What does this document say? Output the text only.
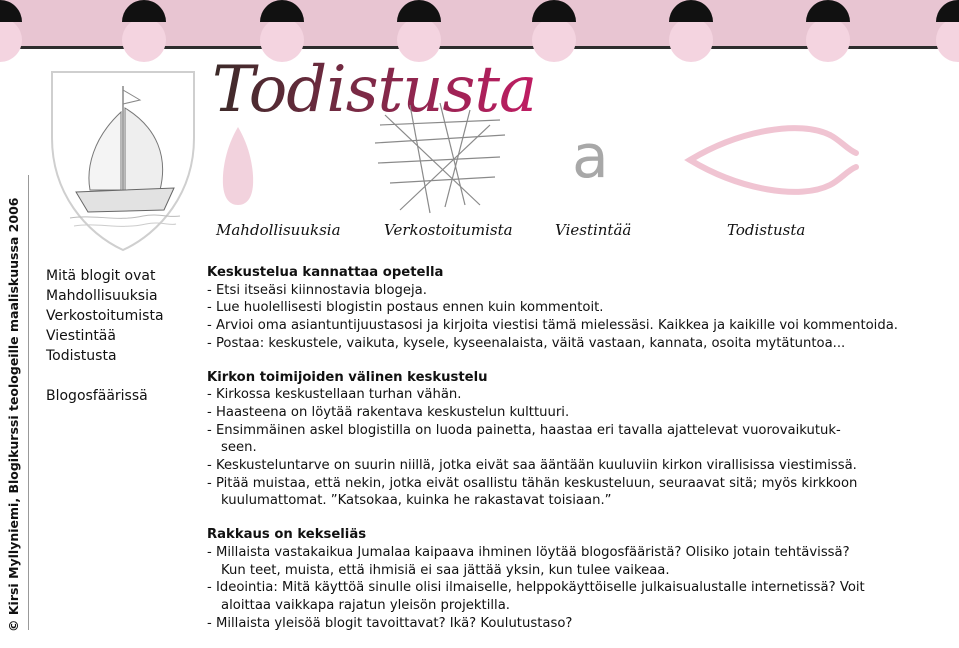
Todistusta
a
© Kirsi Myllyniemi, Blogikurssi teologeille maaliskuussa 2006	Mahdollisuuksia	Verkostoitumista	Viestintää	Todistusta
Mitä blogit ovat
Mahdollisuuksia
Verkostoitumista
Viestintää
Todistusta
Blogosfäärissä
Keskustelua kannattaa opetella
- Etsi itseäsi kiinnostavia blogeja.
- Lue huolellisesti blogistin postaus ennen kuin kommentoit.
- Arvioi oma asiantuntijuustasosi ja kirjoita viestisi tämä mielessäsi. Kaikkea ja kaikille voi kommentoida.
- Postaa: keskustele, vaikuta, kysele, kyseenalaista, väitä vastaan, kannata, osoita mytätuntoa...
Kirkon toimijoiden välinen keskustelu
- Kirkossa keskustellaan turhan vähän.
- Haasteena on löytää rakentava keskustelun kulttuuri.
- Ensimmäinen askel blogistilla on luoda painetta, haastaa eri tavalla ajattelevat vuorovaikutuk-
seen.
- Keskusteluntarve on suurin niillä, jotka eivät saa ääntään kuuluviin kirkon virallisissa viestimissä.
- Pitää muistaa, että nekin, jotka eivät osallistu tähän keskusteluun, seuraavat sitä; myös kirkkoon
kuulumattomat. ”Katsokaa, kuinka he rakastavat toisiaan.”
Rakkaus on kekseliäs
- Millaista vastakaikua Jumalaa kaipaava ihminen löytää blogosfääristä? Olisiko jotain tehtävissä?
Kun teet, muista, että ihmisiä ei saa jättää yksin, kun tulee vaikeaa.
- Ideointia: Mitä käyttöä sinulle olisi ilmaiselle, helppokäyttöiselle julkaisualustalle internetissä? Voit
aloittaa vaikkapa rajatun yleisön projektilla.
- Millaista yleisöä blogit tavoittavat? Ikä? Koulutustaso?
